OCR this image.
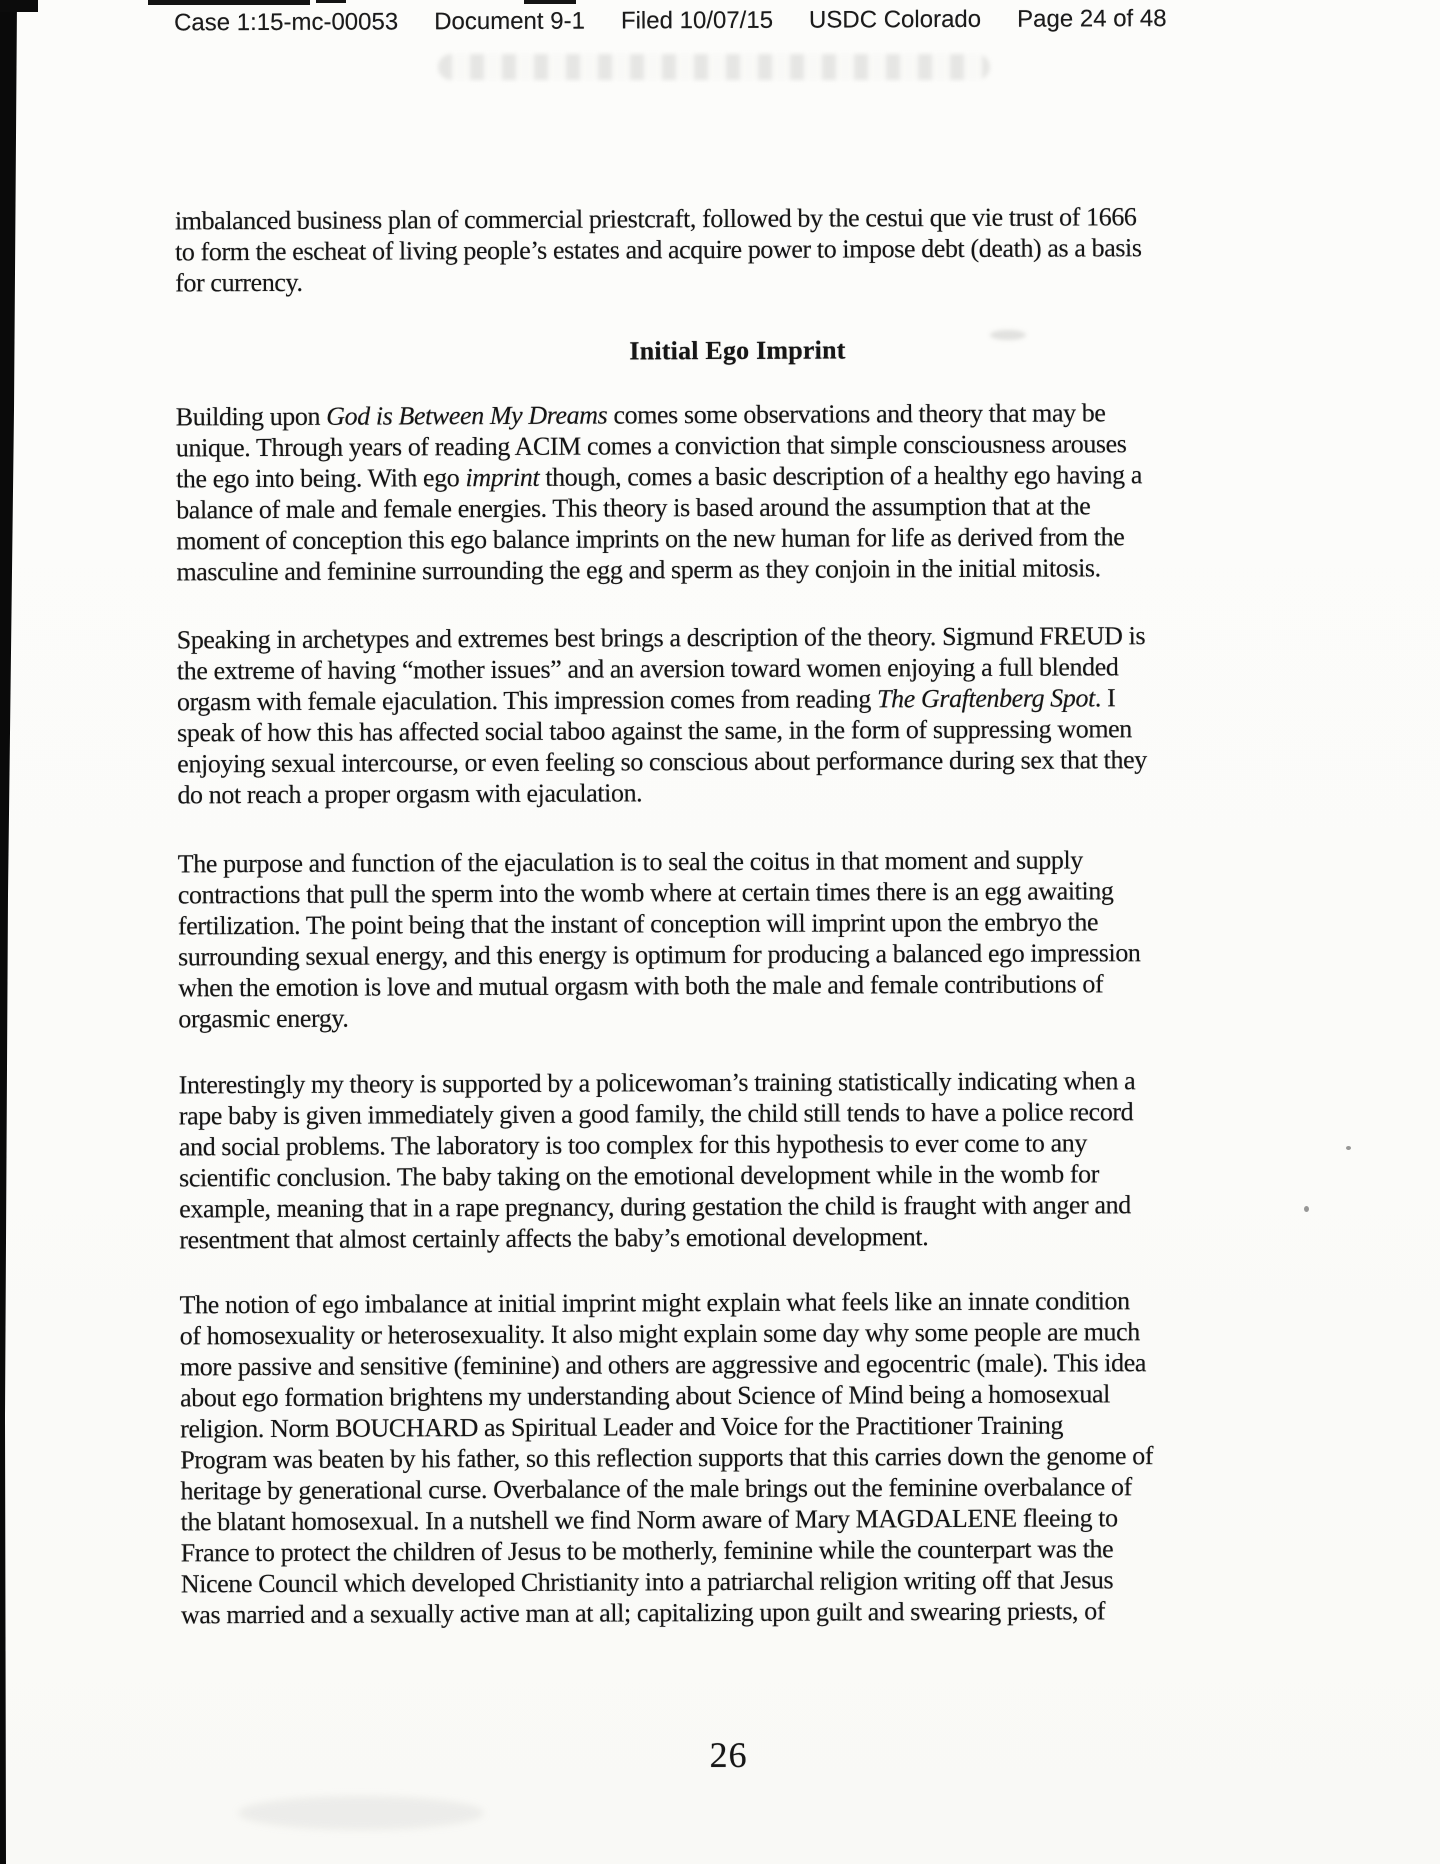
Case 1:15-mc-00053 Document 9-1 Filed 10/07/15 USDC Colorado Page 24 of 48
imbalanced business plan of commercial priestcraft, followed by the cestui que vie trust of 1666
to form the escheat of living people’s estates and acquire power to impose debt (death) as a basis
for currency.
Initial Ego Imprint
Building upon God is Between My Dreams comes some observations and theory that may be
unique. Through years of reading ACIM comes a conviction that simple consciousness arouses
the ego into being. With ego imprint though, comes a basic description of a healthy ego having a
balance of male and female energies. This theory is based around the assumption that at the
moment of conception this ego balance imprints on the new human for life as derived from the
masculine and feminine surrounding the egg and sperm as they conjoin in the initial mitosis.
Speaking in archetypes and extremes best brings a description of the theory. Sigmund FREUD is
the extreme of having “mother issues” and an aversion toward women enjoying a full blended
orgasm with female ejaculation. This impression comes from reading The Graftenberg Spot. I
speak of how this has affected social taboo against the same, in the form of suppressing women
enjoying sexual intercourse, or even feeling so conscious about performance during sex that they
do not reach a proper orgasm with ejaculation.
The purpose and function of the ejaculation is to seal the coitus in that moment and supply
contractions that pull the sperm into the womb where at certain times there is an egg awaiting
fertilization. The point being that the instant of conception will imprint upon the embryo the
surrounding sexual energy, and this energy is optimum for producing a balanced ego impression
when the emotion is love and mutual orgasm with both the male and female contributions of
orgasmic energy.
Interestingly my theory is supported by a policewoman’s training statistically indicating when a
rape baby is given immediately given a good family, the child still tends to have a police record
and social problems. The laboratory is too complex for this hypothesis to ever come to any
scientific conclusion. The baby taking on the emotional development while in the womb for
example, meaning that in a rape pregnancy, during gestation the child is fraught with anger and
resentment that almost certainly affects the baby’s emotional development.
The notion of ego imbalance at initial imprint might explain what feels like an innate condition
of homosexuality or heterosexuality. It also might explain some day why some people are much
more passive and sensitive (feminine) and others are aggressive and egocentric (male). This idea
about ego formation brightens my understanding about Science of Mind being a homosexual
religion. Norm BOUCHARD as Spiritual Leader and Voice for the Practitioner Training
Program was beaten by his father, so this reflection supports that this carries down the genome of
heritage by generational curse. Overbalance of the male brings out the feminine overbalance of
the blatant homosexual. In a nutshell we find Norm aware of Mary MAGDALENE fleeing to
France to protect the children of Jesus to be motherly, feminine while the counterpart was the
Nicene Council which developed Christianity into a patriarchal religion writing off that Jesus
was married and a sexually active man at all; capitalizing upon guilt and swearing priests, of
26
